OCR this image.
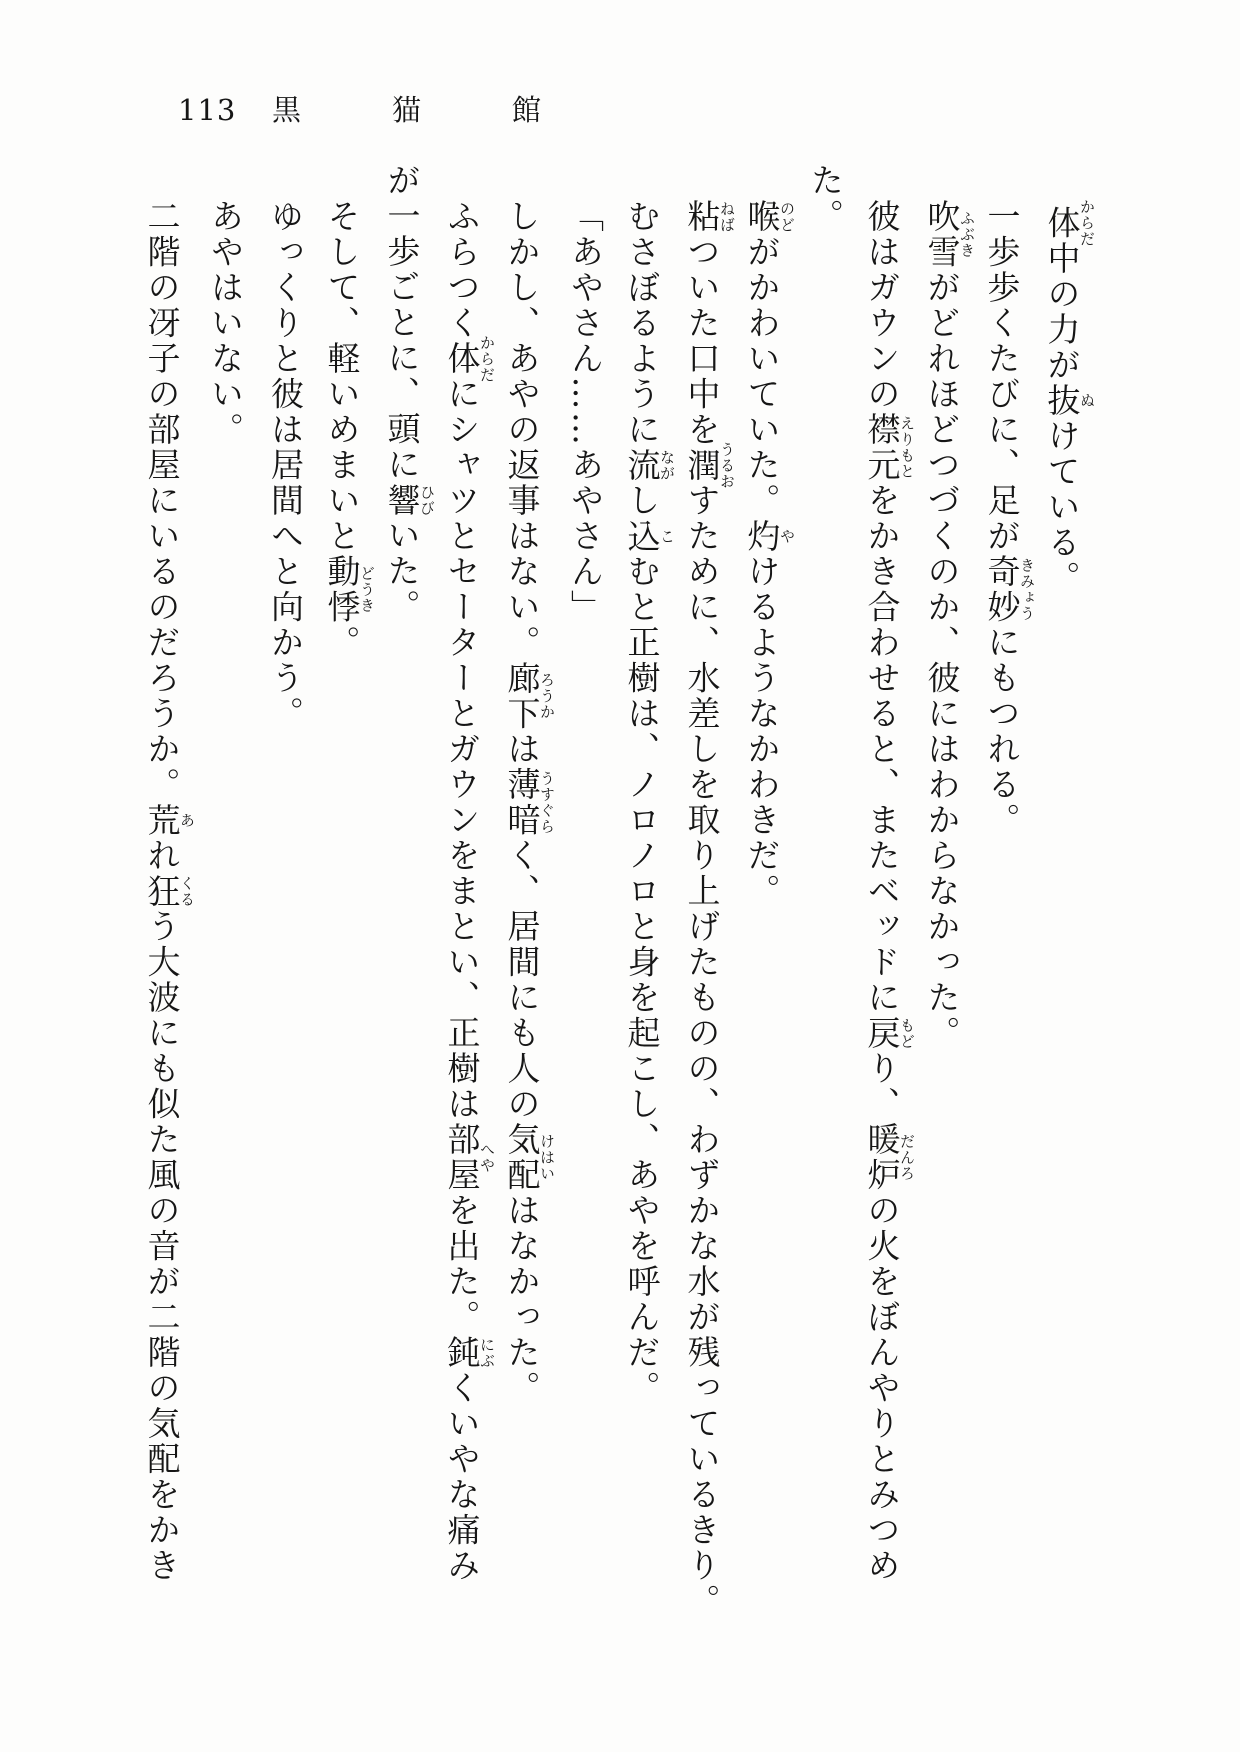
113 黒　猫　館
体からだ中の力が抜ぬけている。
一歩歩くたびに、足が奇妙きみょうにもつれる。
吹雪ふぶきがどれほどつづくのか、彼にはわからなかった。
彼はガウンの襟元えりもとをかき合わせると、またベッドに戻もどり、暖炉だんろの火をぼんやりとみつめ
た。
喉のどがかわいていた。灼やけるようなかわきだ。
粘ねばついた口中を潤うるおすために、水差しを取り上げたものの、わずかな水が残っているきり。
むさぼるように流ながし込こむと正樹は、ノロノロと身を起こし、あやを呼んだ。
「あやさん……あやさん」
しかし、あやの返事はない。廊下ろうかは薄暗うすぐらく、居間にも人の気配けはいはなかった。
ふらつく体からだにシャツとセーターとガウンをまとい、正樹は部屋へやを出た。鈍にぶくいやな痛み
が一歩ごとに、頭に響ひびいた。
そして、軽いめまいと動悸どうき。
ゆっくりと彼は居間へと向かう。
あやはいない。
二階の冴子の部屋にいるのだろうか。荒あれ狂くるう大波にも似た風の音が二階の気配をかき
